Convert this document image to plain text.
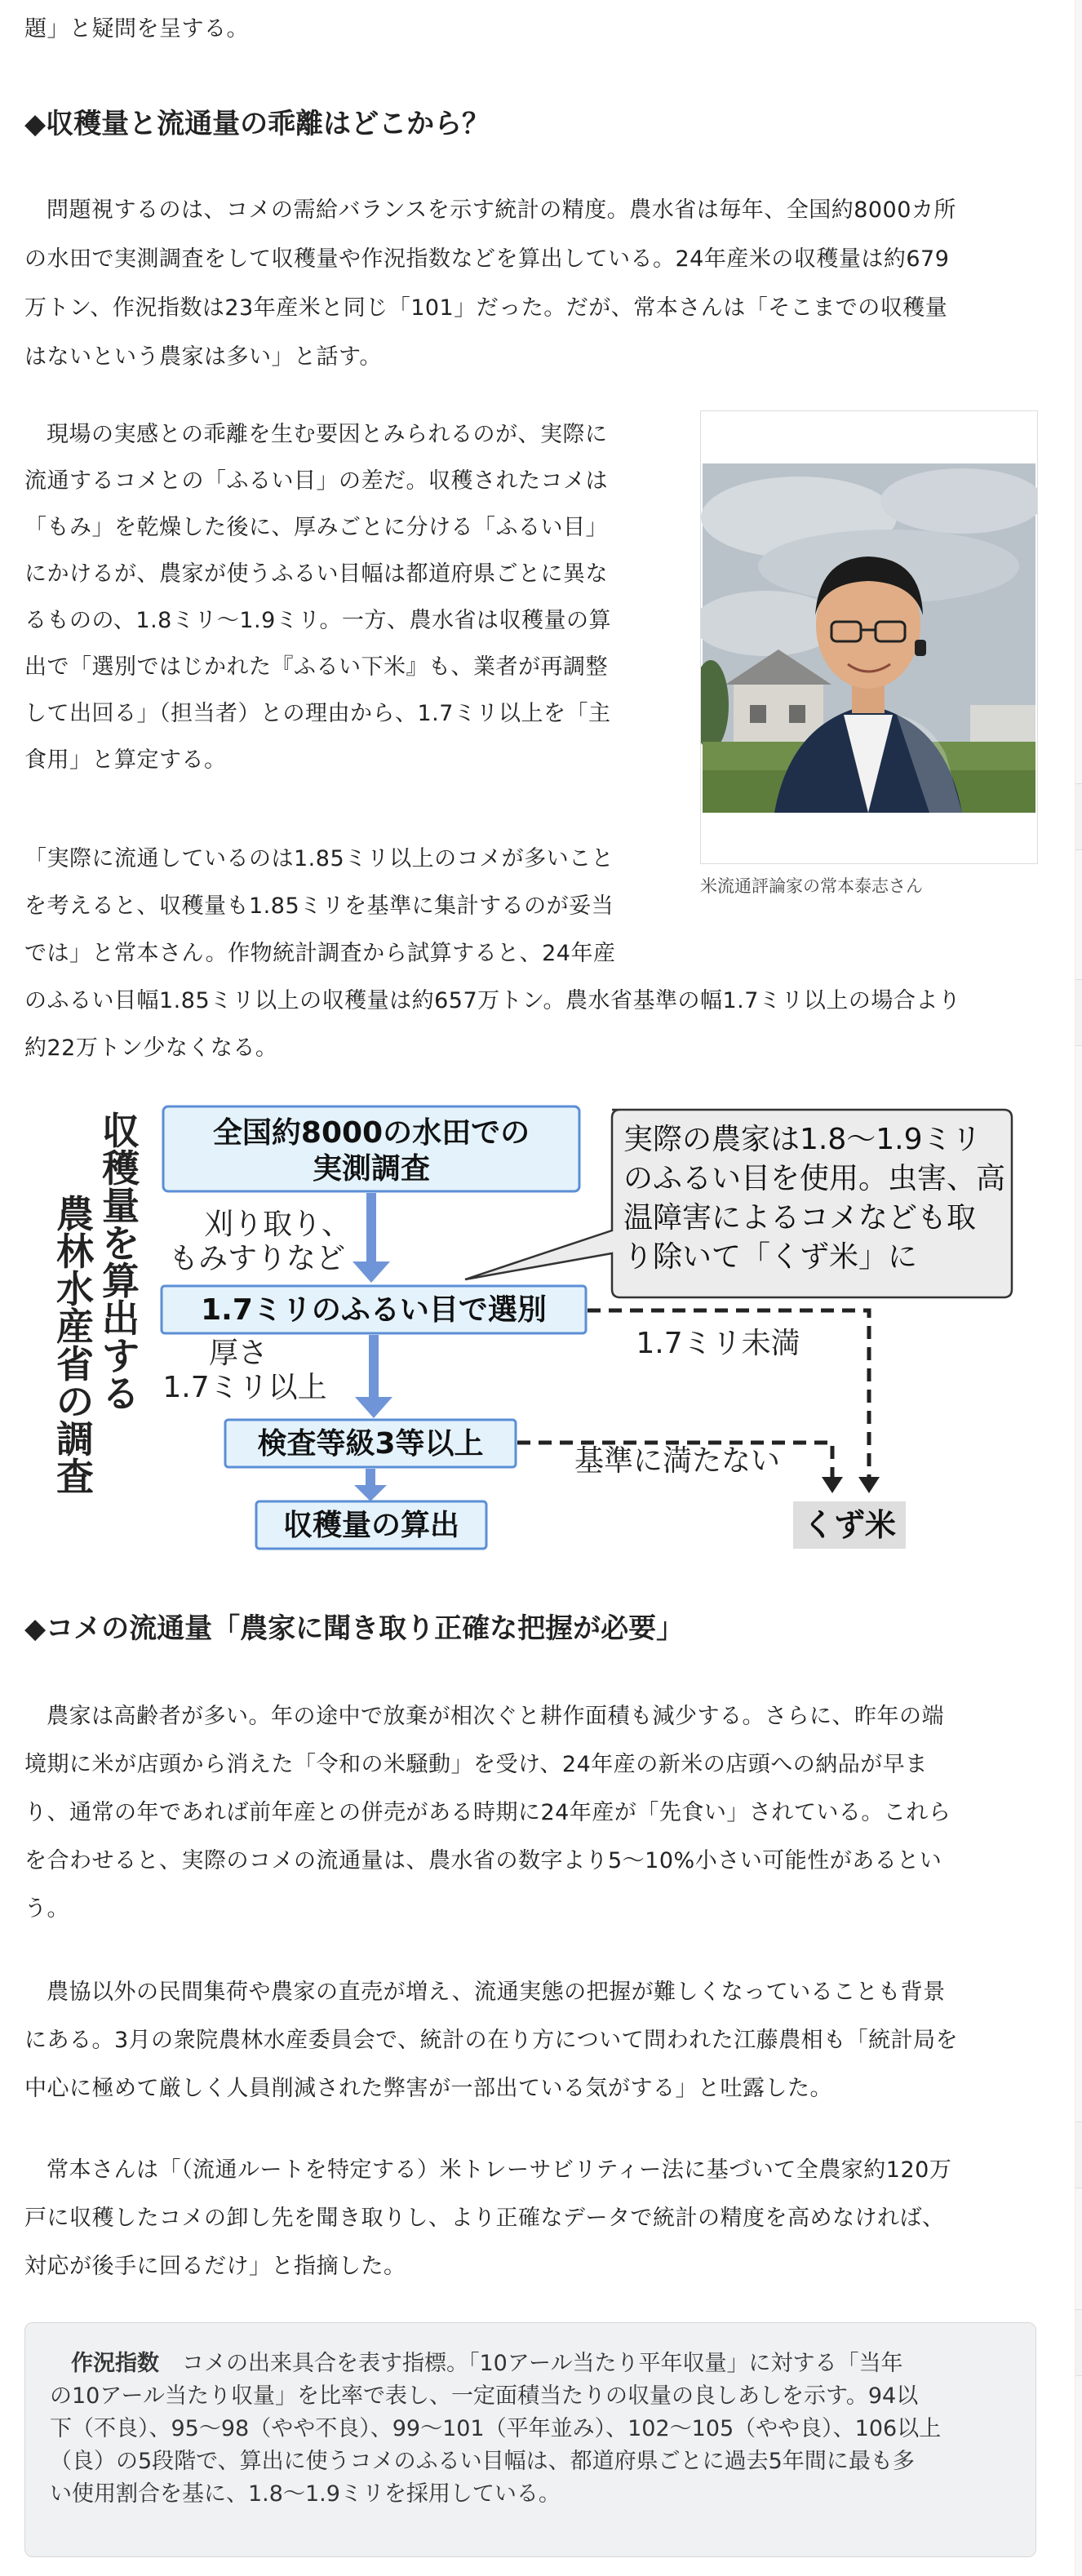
題」と疑問を呈する。

◆収穫量と流通量の乖離はどこから？

問題視するのは、コメの需給バランスを示す統計の精度。農水省は毎年、全国約8000カ所

の水田で実測調査をして収穫量や作況指数などを算出している。24年産米の収穫量は約679

万トン、作況指数は23年産米と同じ「101」だった。だが、常本さんは「そこまでの収穫量

はないという農家は多い」と話す。

現場の実感との乖離を生む要因とみられるのが、実際に

流通するコメとの「ふるい目」の差だ。収穫されたコメは

「もみ」を乾燥した後に、厚みごとに分ける「ふるい目」

にかけるが、農家が使うふるい目幅は都道府県ごとに異な

るものの、1.8ミリ～1.9ミリ。一方、農水省は収穫量の算

出で「選別ではじかれた『ふるい下米』も、業者が再調整

して出回る」（担当者）との理由から、1.7ミリ以上を「主

食用」と算定する。

「実際に流通しているのは1.85ミリ以上のコメが多いこと

を考えると、収穫量も1.85ミリを基準に集計するのが妥当

では」と常本さん。作物統計調査から試算すると、24年産

のふるい目幅1.85ミリ以上の収穫量は約657万トン。農水省基準の幅1.7ミリ以上の場合より

約22万トン少なくなる。

収
穫
量
を
算
出
す
る
農
林
水
産
省
の
調
査
全国約8000の水田での
実測調査
刈り取り、
もみすりなど
1.7ミリのふるい目で選別
実際の農家は1.8～1.9ミリ
のふるい目を使用。虫害、高
温障害によるコメなども取
り除いて「くず米」に
1.7ミリ未満
厚さ
1.7ミリ以上
検査等級3等以上
基準に満たない
収穫量の算出	くず米
◆コメの流通量「農家に聞き取り正確な把握が必要」

農家は高齢者が多い。年の途中で放棄が相次ぐと耕作面積も減少する。さらに、昨年の端

境期に米が店頭から消えた「令和の米騒動」を受け、24年産の新米の店頭への納品が早ま

り、通常の年であれば前年産との併売がある時期に24年産が「先食い」されている。これら

を合わせると、実際のコメの流通量は、農水省の数字より5～10%小さい可能性があるとい

う。

農協以外の民間集荷や農家の直売が増え、流通実態の把握が難しくなっていることも背景

にある。3月の衆院農林水産委員会で、統計の在り方について問われた江藤農相も「統計局を

中心に極めて厳しく人員削減された弊害が一部出ている気がする」と吐露した。

常本さんは「（流通ルートを特定する）米トレーサビリティー法に基づいて全農家約120万

戸に収穫したコメの卸し先を聞き取りし、より正確なデータで統計の精度を高めなければ、

対応が後手に回るだけ」と指摘した。

米流通評論家の常本泰志さん
作況指数 コメの出来具合を表す指標。「10アール当たり平年収量」に対する「当年
の10アール当たり収量」を比率で表し、一定面積当たりの収量の良しあしを示す。94以
下（不良）、95～98（やや不良）、99～101（平年並み）、102～105（やや良）、106以上
（良）の5段階で、算出に使うコメのふるい目幅は、都道府県ごとに過去5年間に最も多
い使用割合を基に、1.8～1.9ミリを採用している。
